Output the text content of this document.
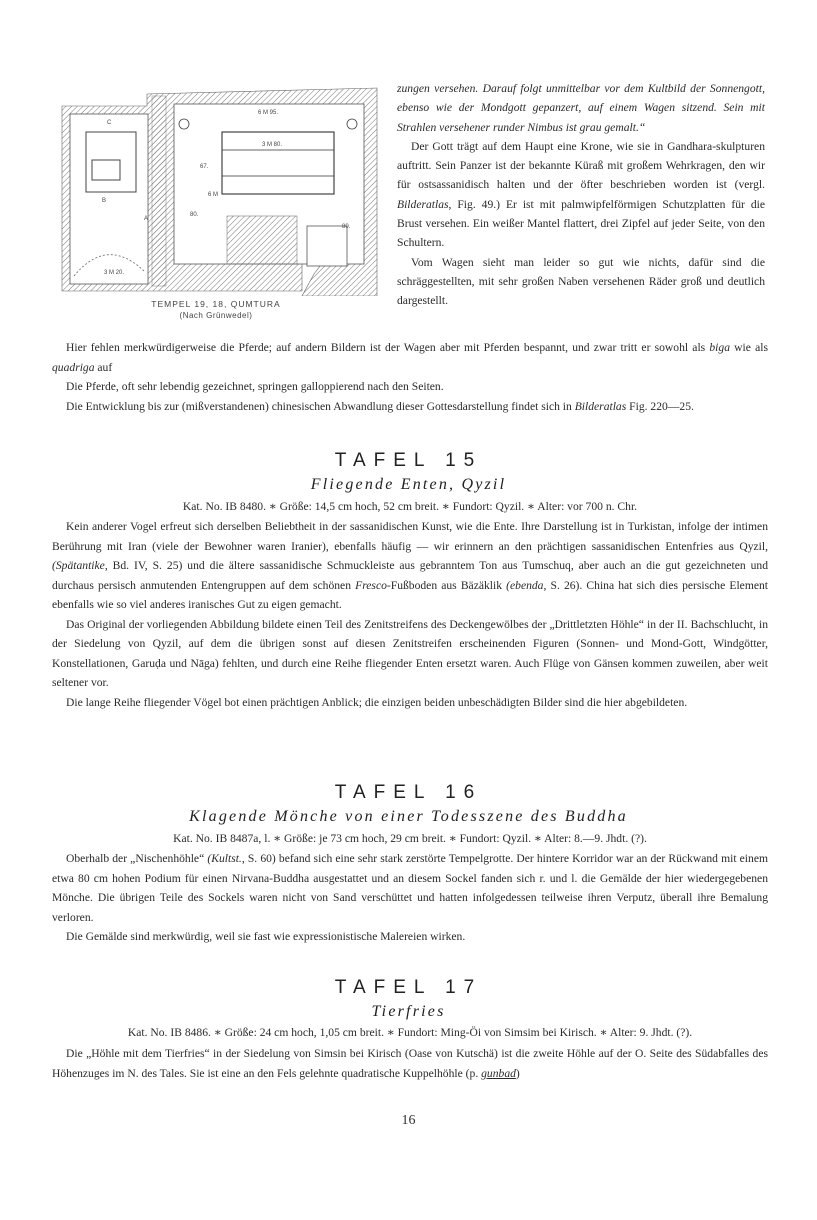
C
B
A
6 M 95.
3 M 80.
67.
6 M
3 M 20.
80.
80.
TEMPEL 19, 18, QUMTURA
(Nach Grünwedel)

zungen versehen. Darauf folgt unmittelbar vor dem Kultbild der Sonnengott, ebenso wie der Mondgott gepanzert, auf einem Wagen sitzend. Sein mit Strahlen versehener runder Nimbus ist grau gemalt.“

Der Gott trägt auf dem Haupt eine Krone, wie sie in Gandhara-skulpturen auftritt. Sein Panzer ist der bekannte Küraß mit großem Wehrkragen, den wir für ostsassanidisch halten und der öfter beschrieben worden ist (vergl. Bilderatlas, Fig. 49.) Er ist mit palmwipfelförmigen Schutzplatten für die Brust versehen. Ein weißer Mantel flattert, drei Zipfel auf jeder Seite, von den Schultern.

Vom Wagen sieht man leider so gut wie nichts, dafür sind die schräggestellten, mit sehr großen Naben versehenen Räder groß und deutlich dargestellt.

Hier fehlen merkwürdigerweise die Pferde; auf andern Bildern ist der Wagen aber mit Pferden bespannt, und zwar tritt er sowohl als biga wie als quadriga auf

Die Pferde, oft sehr lebendig gezeichnet, springen galloppierend nach den Seiten.

Die Entwicklung bis zur (mißverstandenen) chinesischen Abwandlung dieser Gottesdarstellung findet sich in Bilderatlas Fig. 220—25.

TAFEL 15
Fliegende Enten, Qyzil
Kat. No. IB 8480. ∗ Größe: 14,5 cm hoch, 52 cm breit. ∗ Fundort: Qyzil. ∗ Alter: vor 700 n. Chr.

Kein anderer Vogel erfreut sich derselben Beliebtheit in der sassanidischen Kunst, wie die Ente. Ihre Darstellung ist in Turkistan, infolge der intimen Berührung mit Iran (viele der Bewohner waren Iranier), ebenfalls häufig — wir erinnern an den prächtigen sassanidischen Entenfries aus Qyzil, (Spätantike, Bd. IV, S. 25) und die ältere sassanidische Schmuckleiste aus gebranntem Ton aus Tumschuq, aber auch an die gut gezeichneten und durchaus persisch anmutenden Entengruppen auf dem schönen Fresco-Fußboden aus Bäzäklik (ebenda, S. 26). China hat sich dies persische Element ebenfalls wie so viel anderes iranisches Gut zu eigen gemacht.

Das Original der vorliegenden Abbildung bildete einen Teil des Zenitstreifens des Deckengewölbes der „Drittletzten Höhle“ in der II. Bachschlucht, in der Siedelung von Qyzil, auf dem die übrigen sonst auf diesen Zenitstreifen erscheinenden Figuren (Sonnen- und Mond-Gott, Windgötter, Konstellationen, Garuḍa und Nāga) fehlten, und durch eine Reihe fliegender Enten ersetzt waren. Auch Flüge von Gänsen kommen zuweilen, aber weit seltener vor.

Die lange Reihe fliegender Vögel bot einen prächtigen Anblick; die einzigen beiden unbeschädigten Bilder sind die hier abgebildeten.

TAFEL 16
Klagende Mönche von einer Todesszene des Buddha
Kat. No. IB 8487a, l. ∗ Größe: je 73 cm hoch, 29 cm breit. ∗ Fundort: Qyzil. ∗ Alter: 8.—9. Jhdt. (?).

Oberhalb der „Nischenhöhle“ (Kultst., S. 60) befand sich eine sehr stark zerstörte Tempelgrotte. Der hintere Korridor war an der Rückwand mit einem etwa 80 cm hohen Podium für einen Nirvana-Buddha ausgestattet und an diesem Sockel fanden sich r. und l. die Gemälde der hier wiedergegebenen Mönche. Die übrigen Teile des Sockels waren nicht von Sand verschüttet und hatten infolgedessen teilweise ihren Verputz, überall ihre Bemalung verloren.

Die Gemälde sind merkwürdig, weil sie fast wie expressionistische Malereien wirken.

TAFEL 17
Tierfries
Kat. No. IB 8486. ∗ Größe: 24 cm hoch, 1,05 cm breit. ∗ Fundort: Ming-Öi von Simsim bei Kirisch. ∗ Alter: 9. Jhdt. (?).

Die „Höhle mit dem Tierfries“ in der Siedelung von Simsin bei Kirisch (Oase von Kutschä) ist die zweite Höhle auf der O. Seite des Südabfalles des Höhenzuges im N. des Tales. Sie ist eine an den Fels gelehnte quadratische Kuppelhöhle (p. gunbad)

16
